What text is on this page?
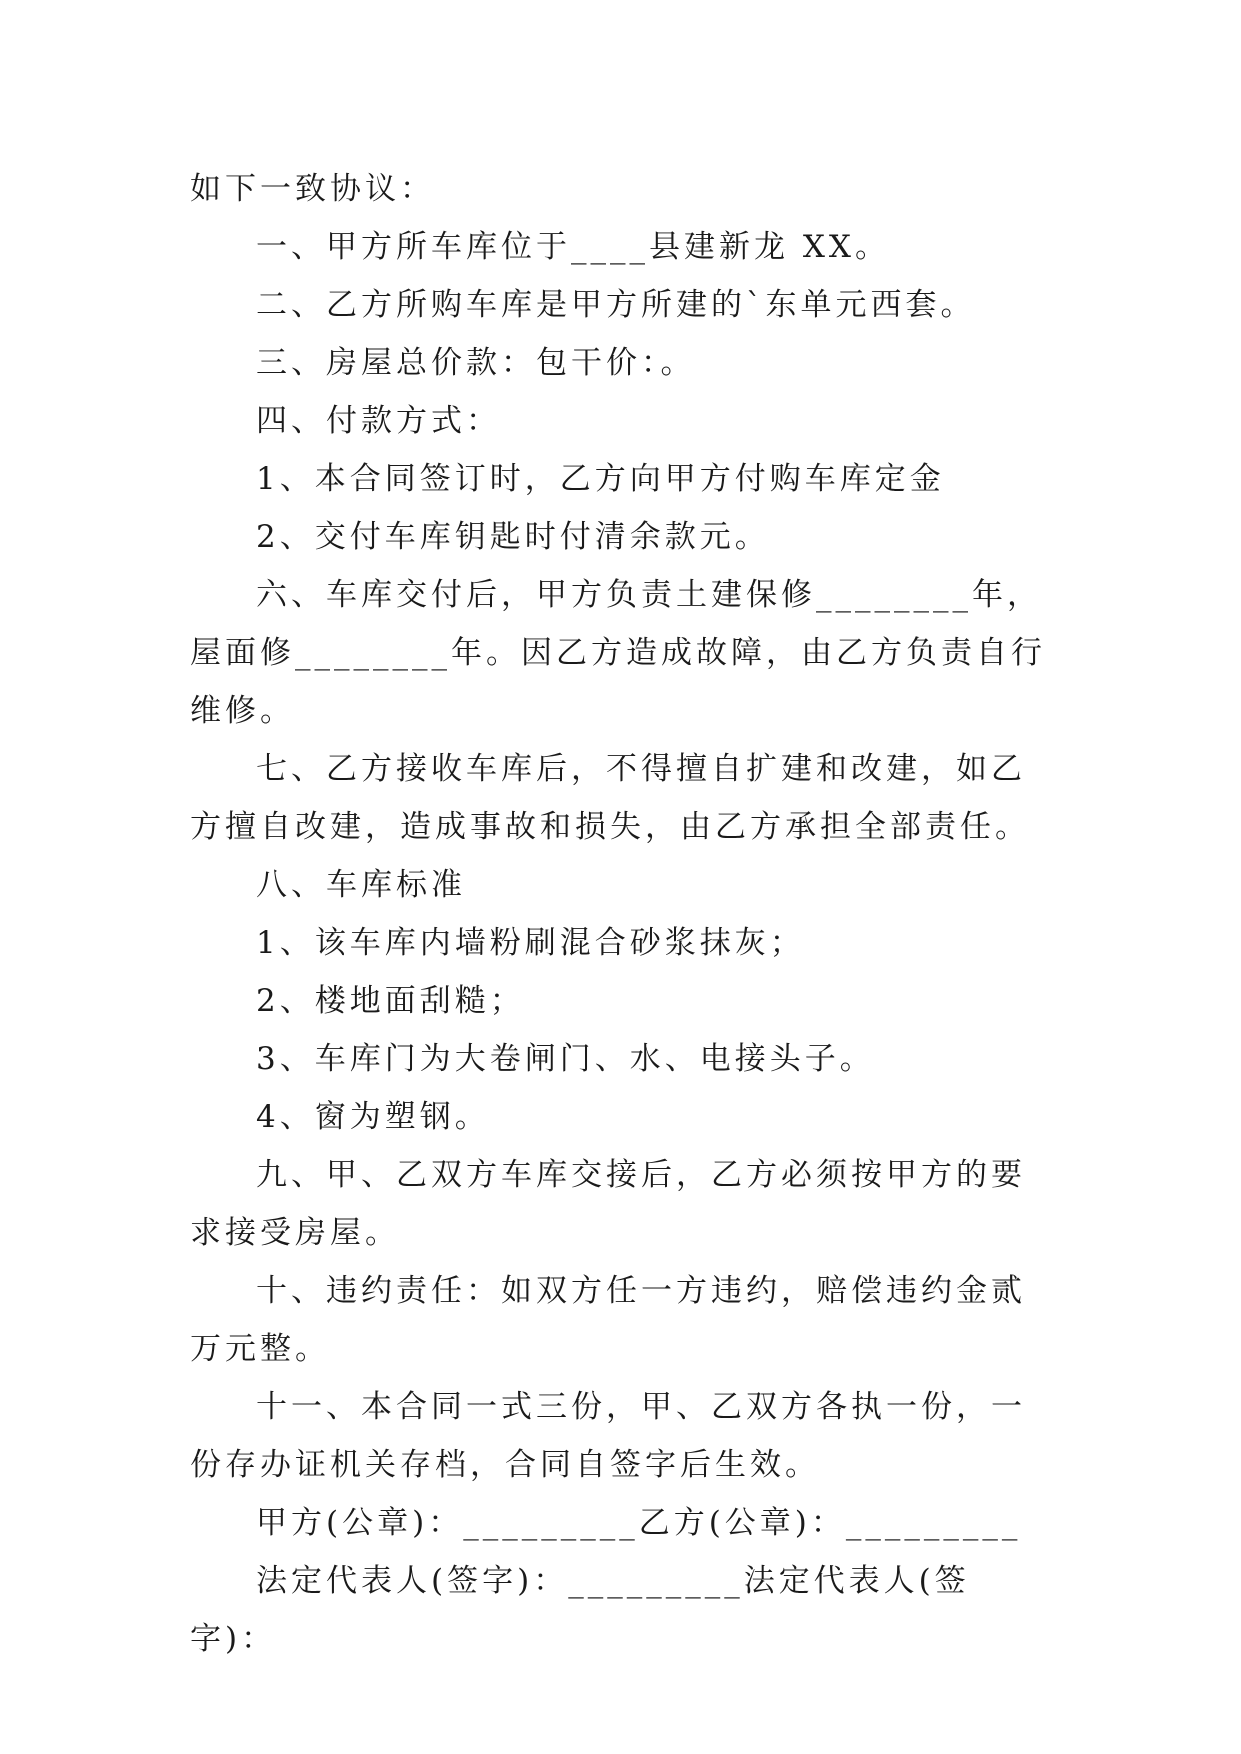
如下一致协议：

一、甲方所车库位于____县建新龙 XX。

二、乙方所购车库是甲方所建的`东单元西套。

三、房屋总价款：包干价：。

四、付款方式：

1、本合同签订时，乙方向甲方付购车库定金

2、交付车库钥匙时付清余款元。

六、车库交付后，甲方负责土建保修________年，屋面修________年。因乙方造成故障，由乙方负责自行维修。

七、乙方接收车库后，不得擅自扩建和改建，如乙方擅自改建，造成事故和损失，由乙方承担全部责任。

八、车库标准

1、该车库内墙粉刷混合砂浆抹灰；

2、楼地面刮糙；

3、车库门为大卷闸门、水、电接头子。

4、窗为塑钢。

九、甲、乙双方车库交接后，乙方必须按甲方的要求接受房屋。

十、违约责任：如双方任一方违约，赔偿违约金贰万元整。

十一、本合同一式三份，甲、乙双方各执一份，一份存办证机关存档，合同自签字后生效。

甲方(公章)：_________乙方(公章)：_________

法定代表人(签字)：_________法定代表人(签字)：
